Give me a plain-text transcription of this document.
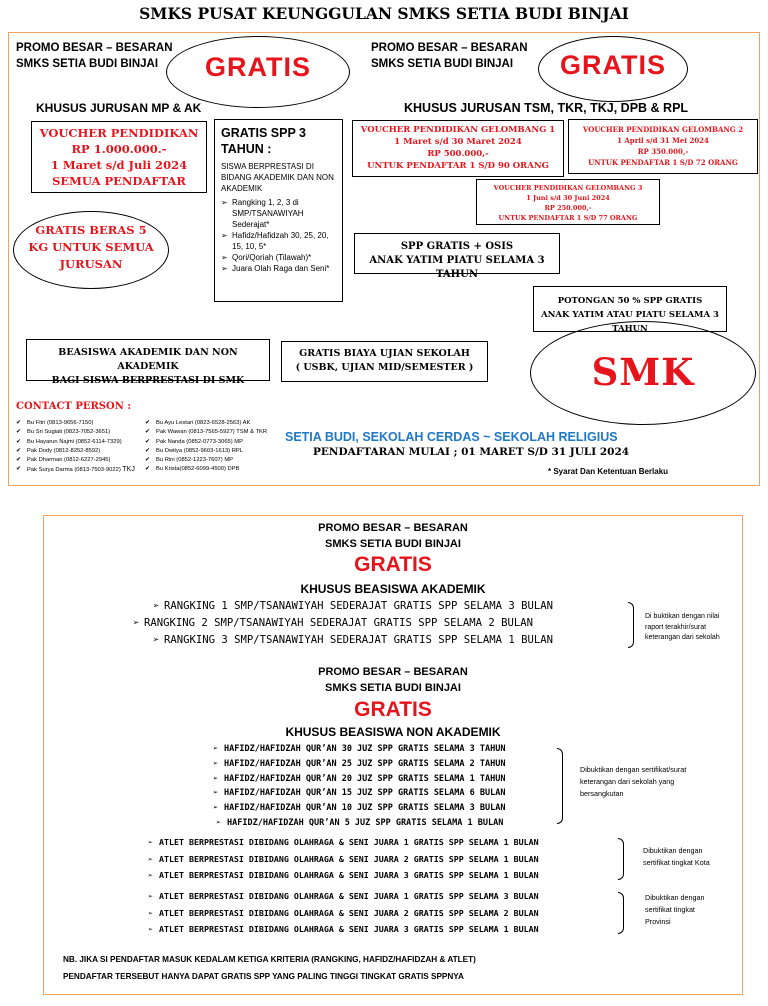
SMKS PUSAT KEUNGGULAN SMKS SETIA BUDI BINJAI
PROMO BESAR – BESARAN
SMKS SETIA BUDI BINJAI	GRATIS
PROMO BESAR – BESARAN
SMKS SETIA BUDI BINJAI	GRATIS
KHUSUS JURUSAN MP & AK	KHUSUS JURUSAN TSM, TKR, TKJ, DPB & RPL
VOUCHER PENDIDIKAN
RP 1.000.000.-
1 Maret s/d Juli 2024
SEMUA PENDAFTAR
GRATIS SPP 3
TAHUN :
SISWA BERPRESTASI DI BIDANG AKADEMIK DAN NON AKADEMIK
➢ Rangking 1, 2, 3 di SMP/TSANAWIYAH Sederajat*
➢ Hafidz/Hafidzah 30, 25, 20, 15, 10, 5*
➢ Qori/Qoriah (Tilawah)*
➢ Juara Olah Raga dan Seni*
GRATIS BERAS 5
KG UNTUK SEMUA
JURUSAN
VOUCHER PENDIDIKAN GELOMBANG 1
1 Maret s/d 30 Maret 2024
RP 500.000,-
UNTUK PENDAFTAR 1 S/D 90 ORANG
VOUCHER PENDIDIKAN GELOMBANG 2
1 April s/d 31 Mei 2024
RP 350.000,-
UNTUK PENDAFTAR 1 S/D 72 ORANG
VOUCHER PENDIDIKAN GELOMBANG 3
1 Juni s/d 30 Juni 2024
RP 250.000,-
UNTUK PENDAFTAR 1 S/D 77 ORANG
SPP GRATIS + OSIS
ANAK YATIM PIATU SELAMA 3 TAHUN
POTONGAN 50 % SPP GRATIS
ANAK YATIM ATAU PIATU SELAMA 3 TAHUN
BEASISWA AKADEMIK DAN NON AKADEMIK
BAGI SISWA BERPRESTASI DI SMK
GRATIS BIAYA UJIAN SEKOLAH
( USBK, UJIAN MID/SEMESTER )	SMK
CONTACT PERSON :
✔ Bu Fitri (0813-9656-7150)
✔ Bu Sri Sugiati (0823-7052-3651)
✔ Bu Hayarun Najmi (0852-6114-7329)
✔ Pak Dody (0812-8252-8592)
✔ Pak Dharman (0812-6227-2945)
✔ Pak Surya Darma (0813-7503-9022) TKJ
✔ Bu Ayu Lestari (0823-6528-2563) AK
✔ Pak Wawan (0813-7565-5927) TSM & TKR
✔ Pak Nanda (0852-0773-3065) MP
✔ Bu Dwitya (0852-9603-1613) RPL
✔ Bu Rini (0852-1223-7607) MP
✔ Bu Krista(0852-6099-4500) DPB
SETIA BUDI, SEKOLAH CERDAS ~ SEKOLAH RELIGIUS
PENDAFTARAN MULAI ; 01 MARET S/D 31 JULI 2024
* Syarat Dan Ketentuan Berlaku
PROMO BESAR – BESARAN
SMKS SETIA BUDI BINJAI
GRATIS
KHUSUS BEASISWA AKADEMIK
➢ RANGKING 1 SMP/TSANAWIYAH SEDERAJAT GRATIS SPP SELAMA 3 BULAN
➢ RANGKING 2 SMP/TSANAWIYAH SEDERAJAT GRATIS SPP SELAMA 2 BULAN
➢ RANGKING 3 SMP/TSANAWIYAH SEDERAJAT GRATIS SPP SELAMA 1 BULAN
Di buktikan dengan nilai
raport terakhir/surat
keterangan dari sekolah
PROMO BESAR – BESARAN
SMKS SETIA BUDI BINJAI
GRATIS
KHUSUS BEASISWA NON AKADEMIK
➢ HAFIDZ/HAFIDZAH QUR’AN 30 JUZ SPP GRATIS SELAMA 3 TAHUN
➢ HAFIDZ/HAFIDZAH QUR’AN 25 JUZ SPP GRATIS SELAMA 2 TAHUN
➢ HAFIDZ/HAFIDZAH QUR’AN 20 JUZ SPP GRATIS SELAMA 1 TAHUN
➢ HAFIDZ/HAFIDZAH QUR’AN 15 JUZ SPP GRATIS SELAMA 6 BULAN
➢ HAFIDZ/HAFIDZAH QUR’AN 10 JUZ SPP GRATIS SELAMA 3 BULAN
➢ HAFIDZ/HAFIDZAH QUR’AN 5 JUZ SPP GRATIS SELAMA 1 BULAN
Dibuktikan dengan sertifikat/surat
keterangan dari sekolah yang
bersangkutan
➢ ATLET BERPRESTASI DIBIDANG OLAHRAGA & SENI JUARA 1 GRATIS SPP SELAMA 1 BULAN
➢ ATLET BERPRESTASI DIBIDANG OLAHRAGA & SENI JUARA 2 GRATIS SPP SELAMA 1 BULAN
➢ ATLET BERPRESTASI DIBIDANG OLAHRAGA & SENI JUARA 3 GRATIS SPP SELAMA 1 BULAN
Dibuktikan dengan
sertifikat tingkat Kota
➢ ATLET BERPRESTASI DIBIDANG OLAHRAGA & SENI JUARA 1 GRATIS SPP SELAMA 3 BULAN
➢ ATLET BERPRESTASI DIBIDANG OLAHRAGA & SENI JUARA 2 GRATIS SPP SELAMA 2 BULAN
➢ ATLET BERPRESTASI DIBIDANG OLAHRAGA & SENI JUARA 3 GRATIS SPP SELAMA 1 BULAN
Dibuktikan dengan
sertifikat tingkat
Provinsi
NB. JIKA SI PENDAFTAR MASUK KEDALAM KETIGA KRITERIA (RANGKING, HAFIDZ/HAFIDZAH & ATLET)
PENDAFTAR TERSEBUT HANYA DAPAT GRATIS SPP YANG PALING TINGGI TINGKAT GRATIS SPPNYA
